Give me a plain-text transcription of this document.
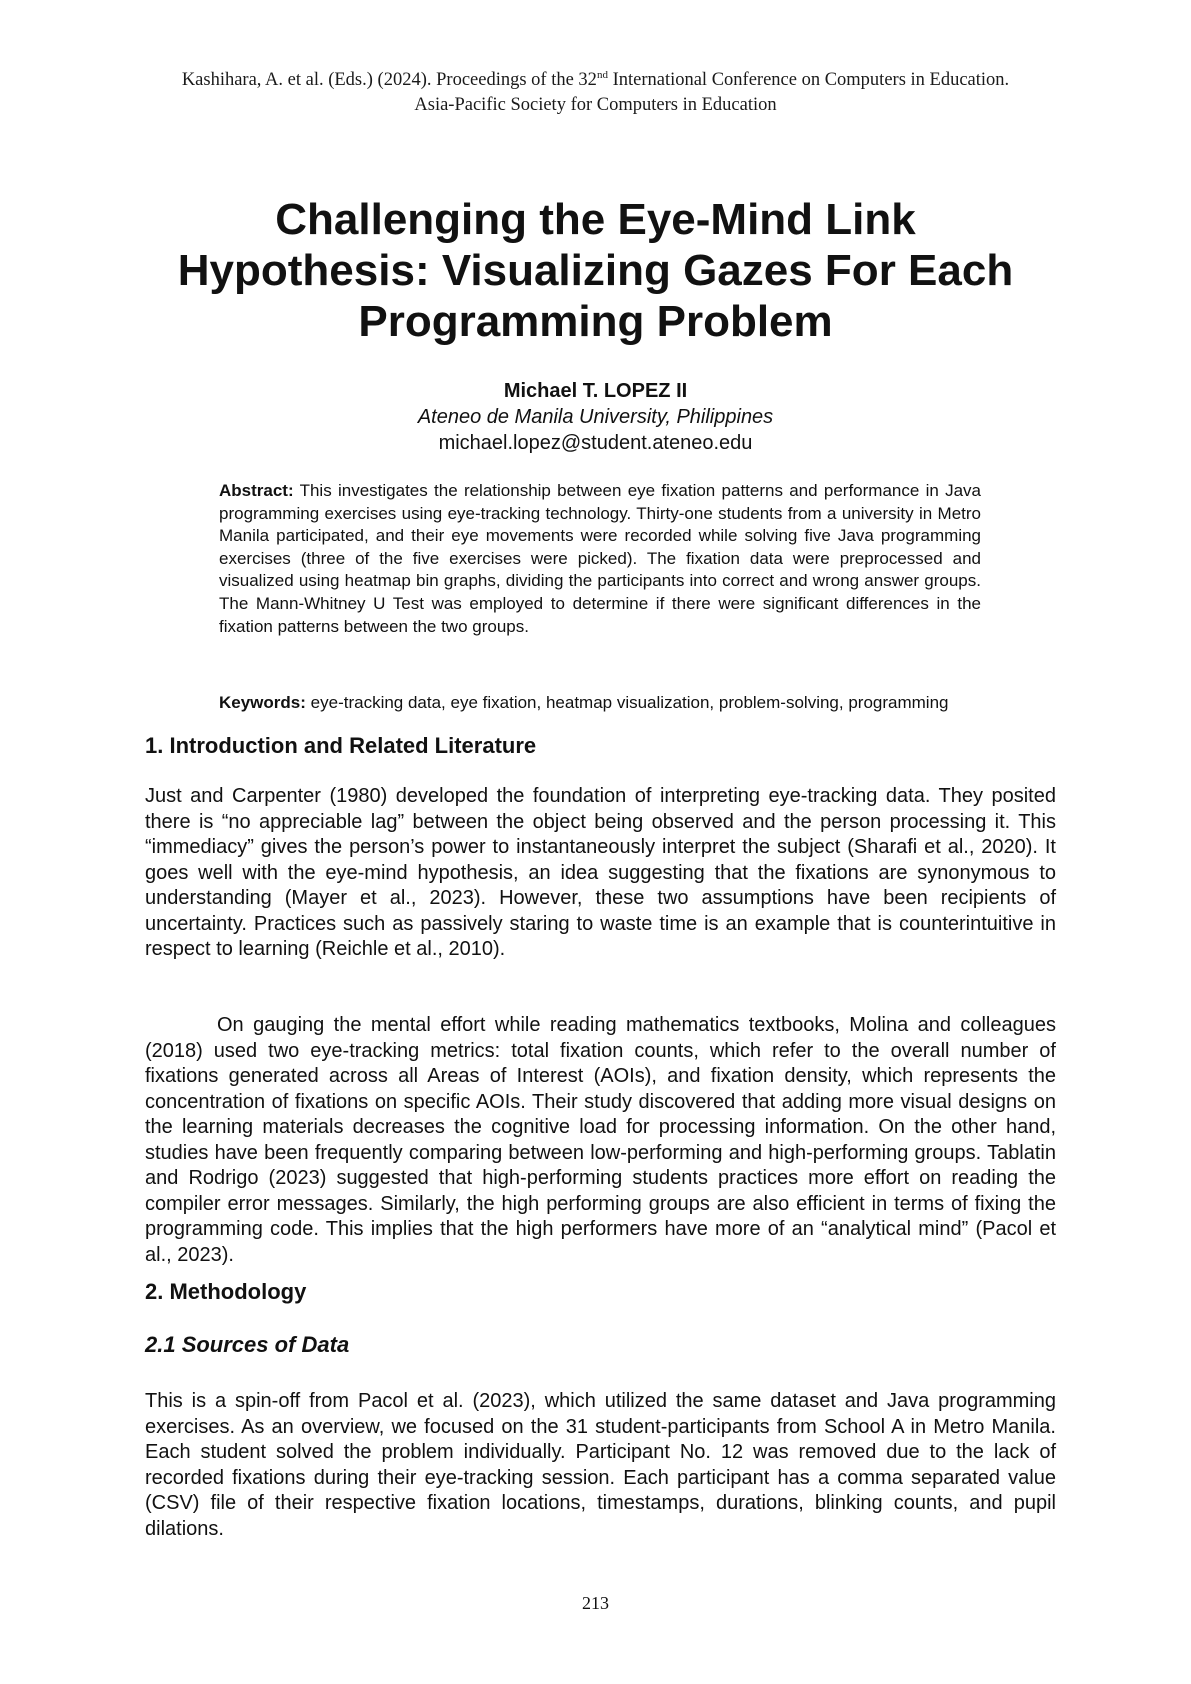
Kashihara, A. et al. (Eds.) (2024). Proceedings of the 32nd International Conference on Computers in Education.
Asia-Pacific Society for Computers in Education
Challenging the Eye-Mind Link
Hypothesis: Visualizing Gazes For Each
Programming Problem
Michael T. LOPEZ II
Ateneo de Manila University, Philippines
michael.lopez@student.ateneo.edu

Abstract: This investigates the relationship between eye fixation patterns and performance in Java programming exercises using eye-tracking technology. Thirty-one students from a university in Metro Manila participated, and their eye movements were recorded while solving five Java programming exercises (three of the five exercises were picked). The fixation data were preprocessed and visualized using heatmap bin graphs, dividing the participants into correct and wrong answer groups. The Mann-Whitney U Test was employed to determine if there were significant differences in the fixation patterns between the two groups.

Keywords: eye-tracking data, eye fixation, heatmap visualization, problem-solving, programming

1. Introduction and Related Literature

Just and Carpenter (1980) developed the foundation of interpreting eye-tracking data. They posited there is “no appreciable lag” between the object being observed and the person processing it. This “immediacy” gives the person’s power to instantaneously interpret the subject (Sharafi et al., 2020). It goes well with the eye-mind hypothesis, an idea suggesting that the fixations are synonymous to understanding (Mayer et al., 2023). However, these two assumptions have been recipients of uncertainty. Practices such as passively staring to waste time is an example that is counterintuitive in respect to learning (Reichle et al., 2010).

On gauging the mental effort while reading mathematics textbooks, Molina and colleagues (2018) used two eye-tracking metrics: total fixation counts, which refer to the overall number of fixations generated across all Areas of Interest (AOIs), and fixation density, which represents the concentration of fixations on specific AOIs. Their study discovered that adding more visual designs on the learning materials decreases the cognitive load for processing information. On the other hand, studies have been frequently comparing between low-performing and high-performing groups. Tablatin and Rodrigo (2023) suggested that high-performing students practices more effort on reading the compiler error messages. Similarly, the high performing groups are also efficient in terms of fixing the programming code. This implies that the high performers have more of an “analytical mind” (Pacol et al., 2023).

2. Methodology
2.1 Sources of Data

This is a spin-off from Pacol et al. (2023), which utilized the same dataset and Java programming exercises. As an overview, we focused on the 31 student-participants from School A in Metro Manila. Each student solved the problem individually. Participant No. 12 was removed due to the lack of recorded fixations during their eye-tracking session. Each participant has a comma separated value (CSV) file of their respective fixation locations, timestamps, durations, blinking counts, and pupil dilations.

213
